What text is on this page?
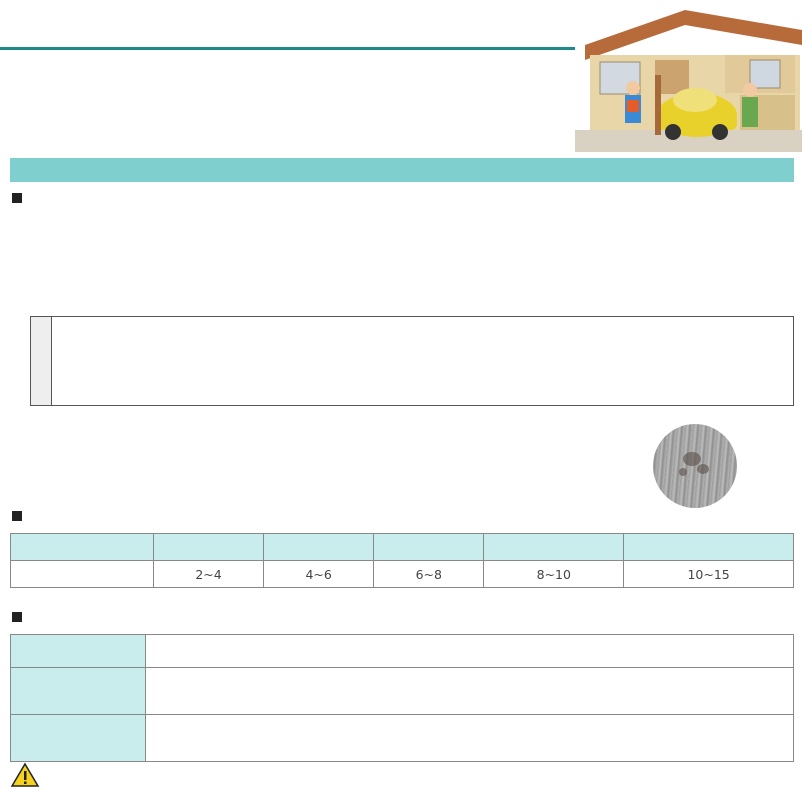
	2~4	4~6	6~8	8~10	10~15
